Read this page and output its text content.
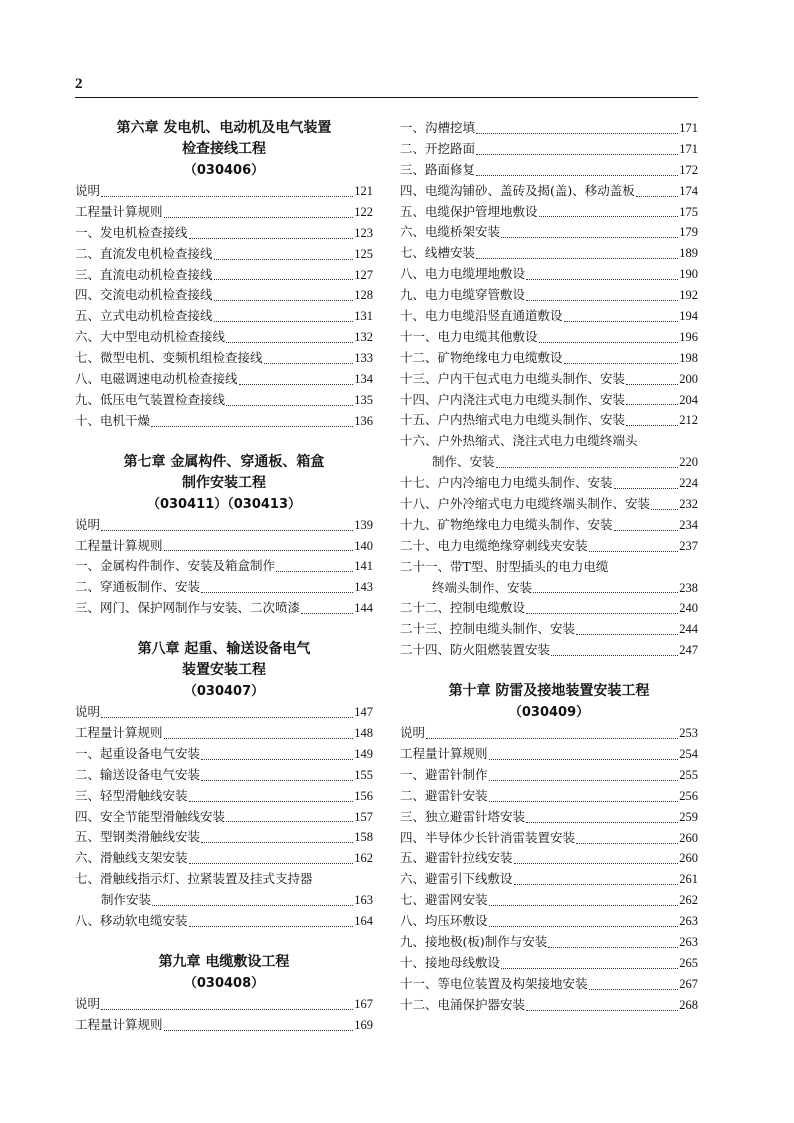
2
第六章 发电机、电动机及电气装置
检查接线工程
（030406）
说明	121
工程量计算规则	122
一、发电机检查接线	123
二、直流发电机检查接线	125
三、直流电动机检查接线	127
四、交流电动机检查接线	128
五、立式电动机检查接线	131
六、大中型电动机检查接线	132
七、微型电机、变频机组检查接线	133
八、电磁调速电动机检查接线	134
九、低压电气装置检查接线	135
十、电机干燥	136
第七章 金属构件、穿通板、箱盒
制作安装工程
（030411）（030413）
说明	139
工程量计算规则	140
一、金属构件制作、安装及箱盒制作	141
二、穿通板制作、安装	143
三、网门、保护网制作与安装、二次喷漆	144
第八章 起重、输送设备电气
装置安装工程
（030407）
说明	147
工程量计算规则	148
一、起重设备电气安装	149
二、输送设备电气安装	155
三、轻型滑触线安装	156
四、安全节能型滑触线安装	157
五、型钢类滑触线安装	158
六、滑触线支架安装	162
七、滑触线指示灯、拉紧装置及挂式支持器
制作安装	163
八、移动软电缆安装	164
第九章 电缆敷设工程
（030408）
说明	167
工程量计算规则	169
一、沟槽挖填	171
二、开挖路面	171
三、路面修复	172
四、电缆沟铺砂、盖砖及揭(盖)、移动盖板	174
五、电缆保护管埋地敷设	175
六、电缆桥架安装	179
七、线槽安装	189
八、电力电缆埋地敷设	190
九、电力电缆穿管敷设	192
十、电力电缆沿竖直通道敷设	194
十一、电力电缆其他敷设	196
十二、矿物绝缘电力电缆敷设	198
十三、户内干包式电力电缆头制作、安装	200
十四、户内浇注式电力电缆头制作、安装	204
十五、户内热缩式电力电缆头制作、安装	212
十六、户外热缩式、浇注式电力电缆终端头
制作、安装	220
十七、户内冷缩电力电缆头制作、安装	224
十八、户外冷缩式电力电缆终端头制作、安装 232
十九、矿物绝缘电力电缆头制作、安装	234
二十、电力电缆绝缘穿刺线夹安装	237
二十一、带T型、肘型插头的电力电缆
终端头制作、安装	238
二十二、控制电缆敷设	240
二十三、控制电缆头制作、安装	244
二十四、防火阻燃装置安装	247
第十章 防雷及接地装置安装工程
（030409）
说明	253
工程量计算规则	254
一、避雷针制作	255
二、避雷针安装	256
三、独立避雷针塔安装	259
四、半导体少长针消雷装置安装	260
五、避雷针拉线安装	260
六、避雷引下线敷设	261
七、避雷网安装	262
八、均压环敷设	263
九、接地极(板)制作与安装	263
十、接地母线敷设	265
十一、等电位装置及构架接地安装	267
十二、电涌保护器安装	268
